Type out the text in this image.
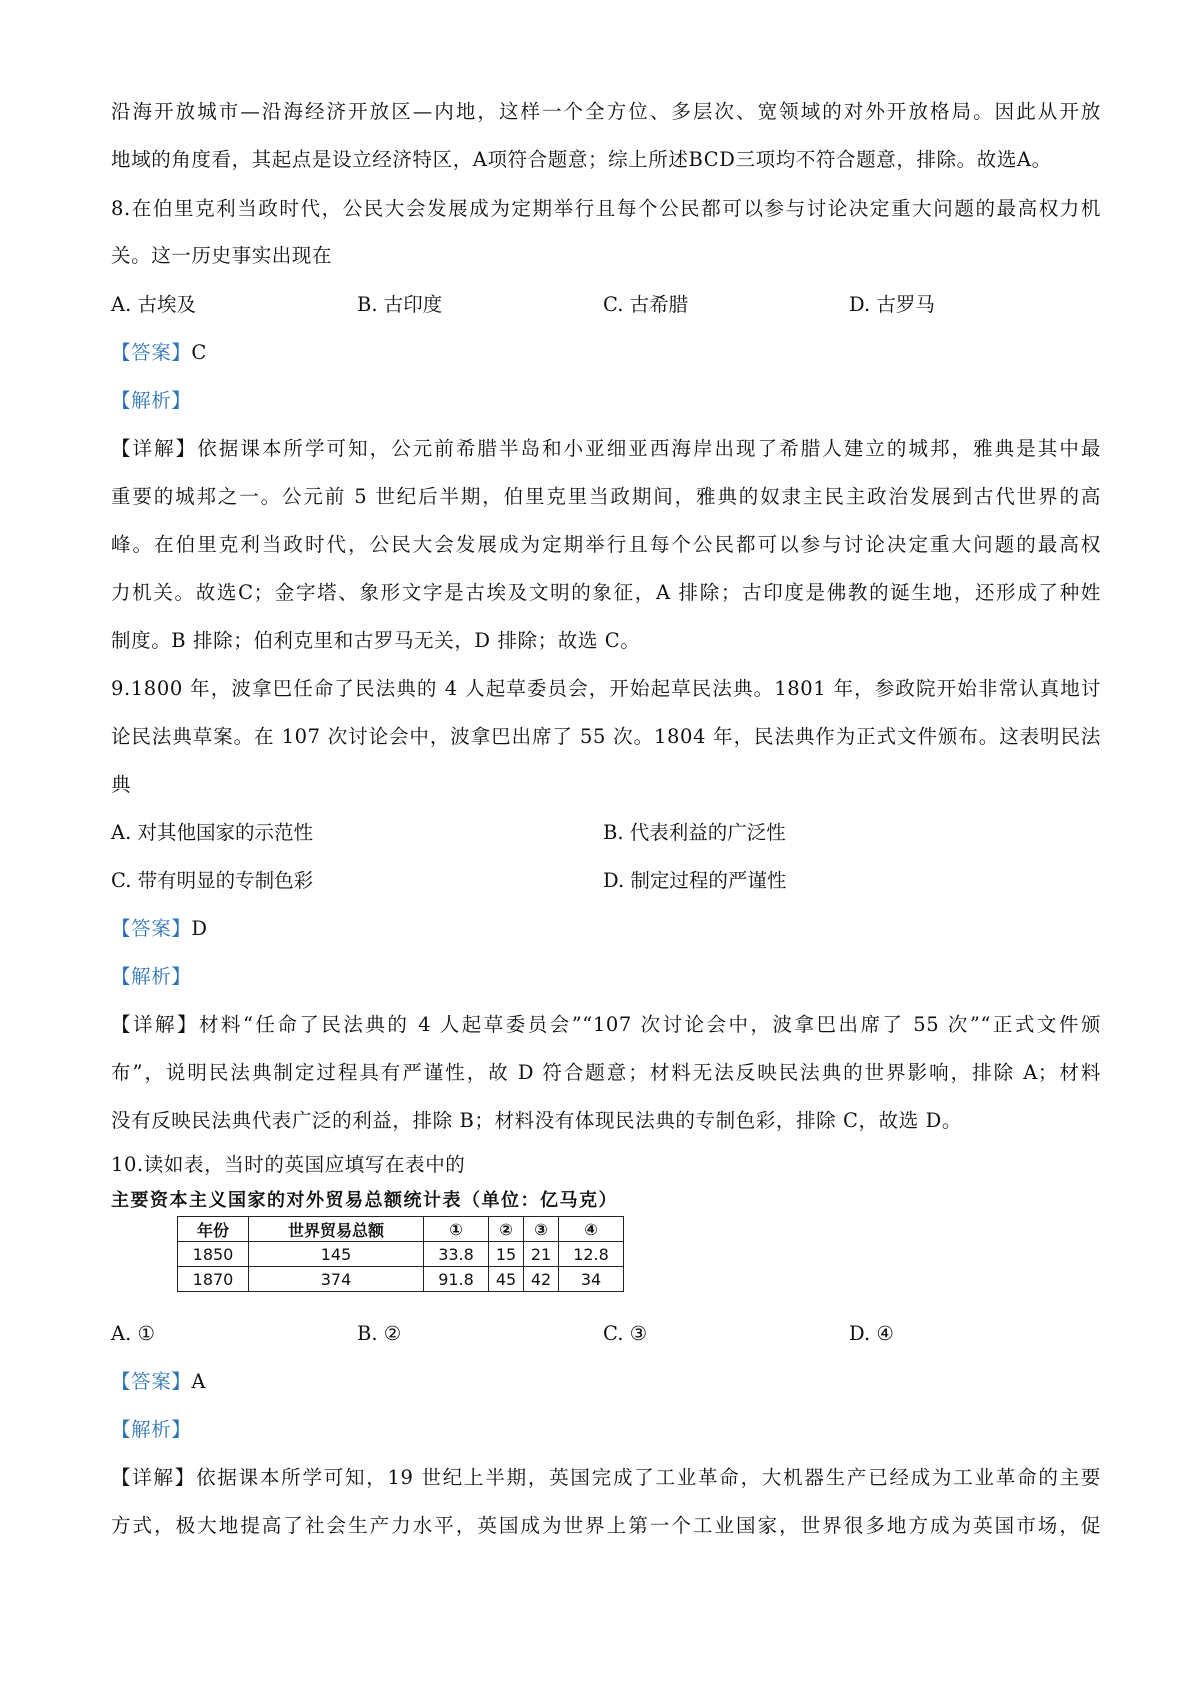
沿海开放城市—沿海经济开放区—内地，这样一个全方位、多层次、宽领域的对外开放格局。因此从开放
地域的角度看，其起点是设立经济特区，A项符合题意；综上所述BCD三项均不符合题意，排除。故选A。
8.在伯里克利当政时代，公民大会发展成为定期举行且每个公民都可以参与讨论决定重大问题的最高权力机
关。这一历史事实出现在
A. 古埃及	B. 古印度	C. 古希腊	D. 古罗马
【答案】C
【解析】
【详解】依据课本所学可知，公元前希腊半岛和小亚细亚西海岸出现了希腊人建立的城邦，雅典是其中最
重要的城邦之一。公元前 5 世纪后半期，伯里克里当政期间，雅典的奴隶主民主政治发展到古代世界的高
峰。在伯里克利当政时代，公民大会发展成为定期举行且每个公民都可以参与讨论决定重大问题的最高权
力机关。故选C；金字塔、象形文字是古埃及文明的象征，A 排除；古印度是佛教的诞生地，还形成了种姓
制度。B 排除；伯利克里和古罗马无关，D 排除；故选 C。
9.1800 年，波拿巴任命了民法典的 4 人起草委员会，开始起草民法典。1801 年，参政院开始非常认真地讨
论民法典草案。在 107 次讨论会中，波拿巴出席了 55 次。1804 年，民法典作为正式文件颁布。这表明民法
典
A. 对其他国家的示范性	B. 代表利益的广泛性
C. 带有明显的专制色彩	D. 制定过程的严谨性
【答案】D
【解析】
【详解】材料“任命了民法典的 4 人起草委员会”“107 次讨论会中，波拿巴出席了 55 次”“正式文件颁
布”，说明民法典制定过程具有严谨性，故 D 符合题意；材料无法反映民法典的世界影响，排除 A；材料
没有反映民法典代表广泛的利益，排除 B；材料没有体现民法典的专制色彩，排除 C，故选 D。
10.读如表，当时的英国应填写在表中的
主要资本主义国家的对外贸易总额统计表（单位：亿马克）
年份	世界贸易总额	①	②	③	④
1850	145	33.8	15	21	12.8
1870	374	91.8	45	42	34
A. ①	B. ②	C. ③	D. ④
【答案】A
【解析】
【详解】依据课本所学可知，19 世纪上半期，英国完成了工业革命，大机器生产已经成为工业革命的主要
方式，极大地提高了社会生产力水平，英国成为世界上第一个工业国家，世界很多地方成为英国市场，促
